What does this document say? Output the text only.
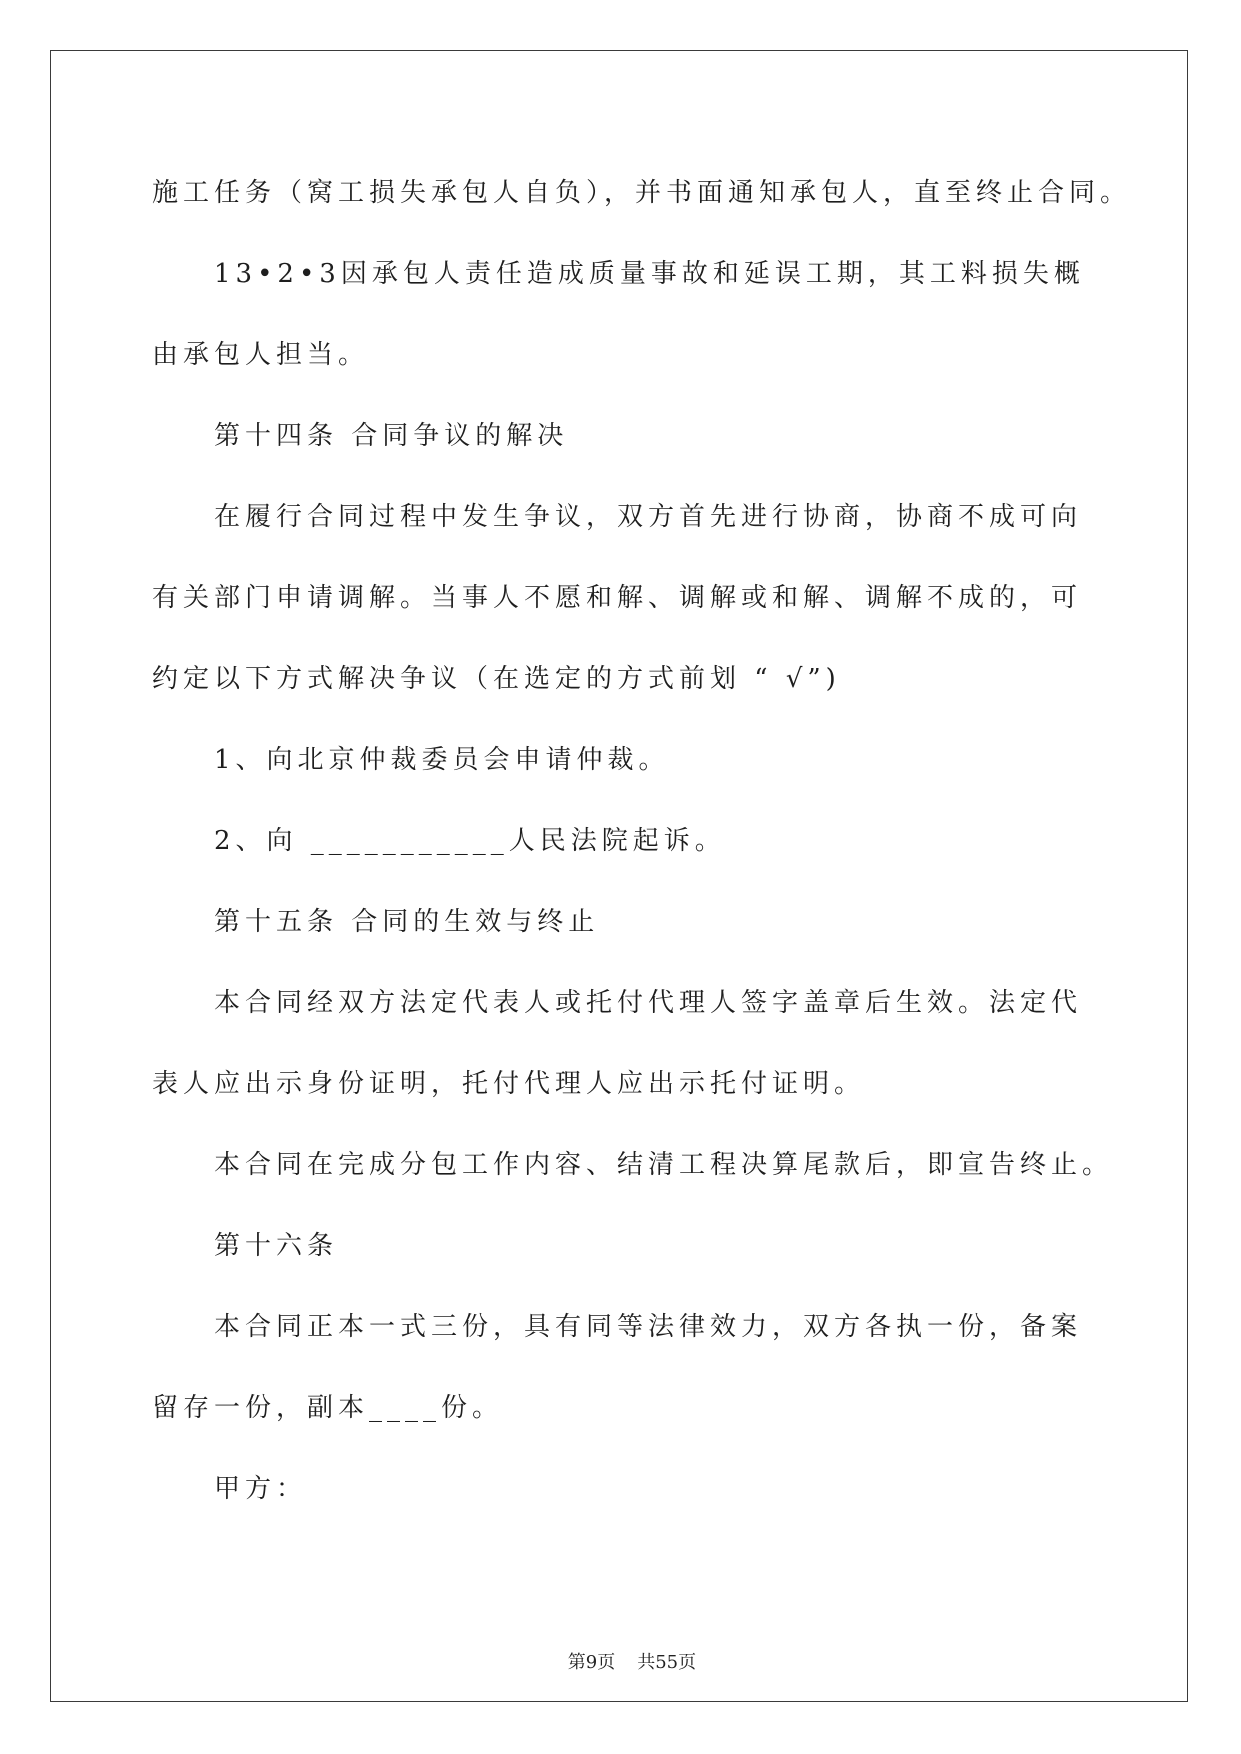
施工任务（窝工损失承包人自负），并书面通知承包人，直至终止合同。
13•2•3因承包人责任造成质量事故和延误工期，其工料损失概
由承包人担当。
第十四条 合同争议的解决
在履行合同过程中发生争议，双方首先进行协商，协商不成可向
有关部门申请调解。当事人不愿和解、调解或和解、调解不成的，可
约定以下方式解决争议（在选定的方式前划 “ √”)
1、向北京仲裁委员会申请仲裁。
2、向 ___________人民法院起诉。
第十五条 合同的生效与终止
本合同经双方法定代表人或托付代理人签字盖章后生效。法定代
表人应出示身份证明，托付代理人应出示托付证明。
本合同在完成分包工作内容、结清工程决算尾款后，即宣告终止。
第十六条
本合同正本一式三份，具有同等法律效力，双方各执一份，备案
留存一份，副本____份。
甲方：

第9页 共55页
